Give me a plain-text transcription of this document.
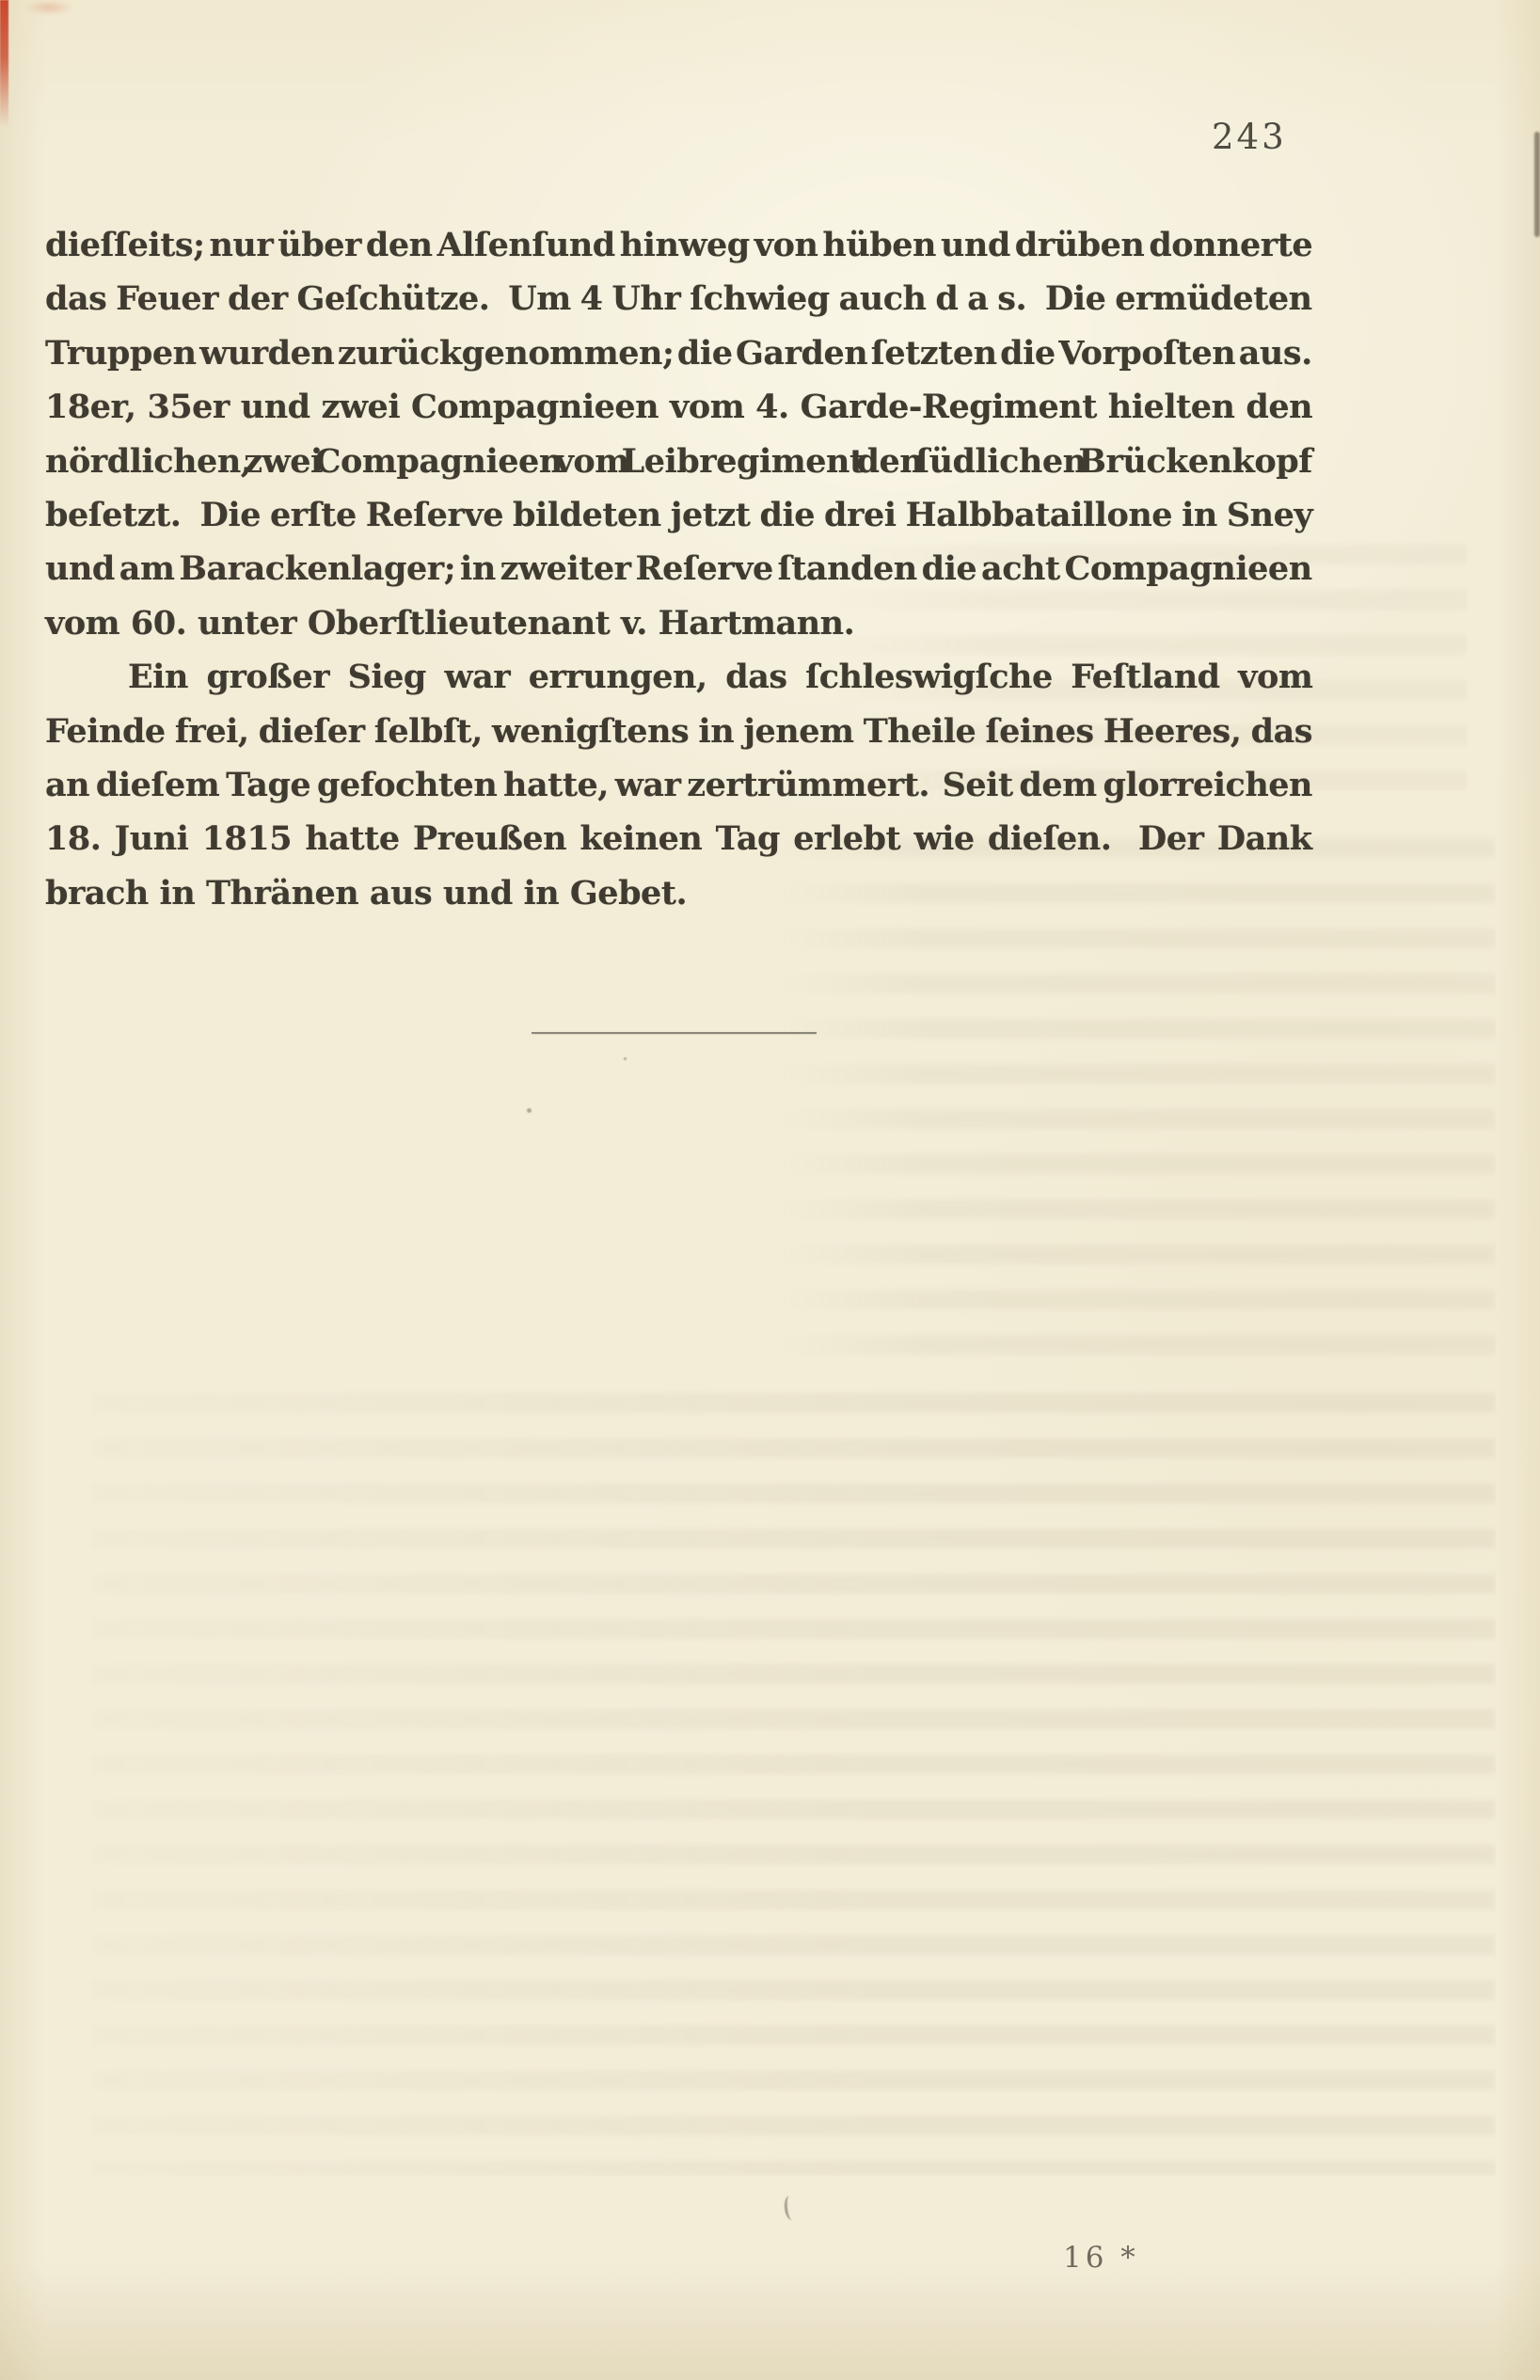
243
dieſſeits; nur über den Alſenſund hinweg von hüben und drüben donnerte
das Feuer der Geſchütze.  Um 4 Uhr ſchwieg auch d a s.  Die ermüdeten
Truppen wurden zurückgenommen; die Garden ſetzten die Vorpoſten aus.
18er, 35er und zwei Compagnieen vom 4. Garde-Regiment hielten den
nördlichen, zwei Compagnieen vom Leibregiment den ſüdlichen Brückenkopf
beſetzt.  Die erſte Reſerve bildeten jetzt die drei Halbbataillone in Sney
und am Barackenlager; in zweiter Reſerve ſtanden die acht Compagnieen
vom 60. unter Oberſtlieutenant v. Hartmann.
Ein großer Sieg war errungen, das ſchleswigſche Feſtland vom
Feinde frei, dieſer ſelbſt, wenigſtens in jenem Theile ſeines Heeres, das
an dieſem Tage gefochten hatte, war zertrümmert.  Seit dem glorreichen
18. Juni 1815 hatte Preußen keinen Tag erlebt wie dieſen.  Der Dank
brach in Thränen aus und in Gebet.
16 *
